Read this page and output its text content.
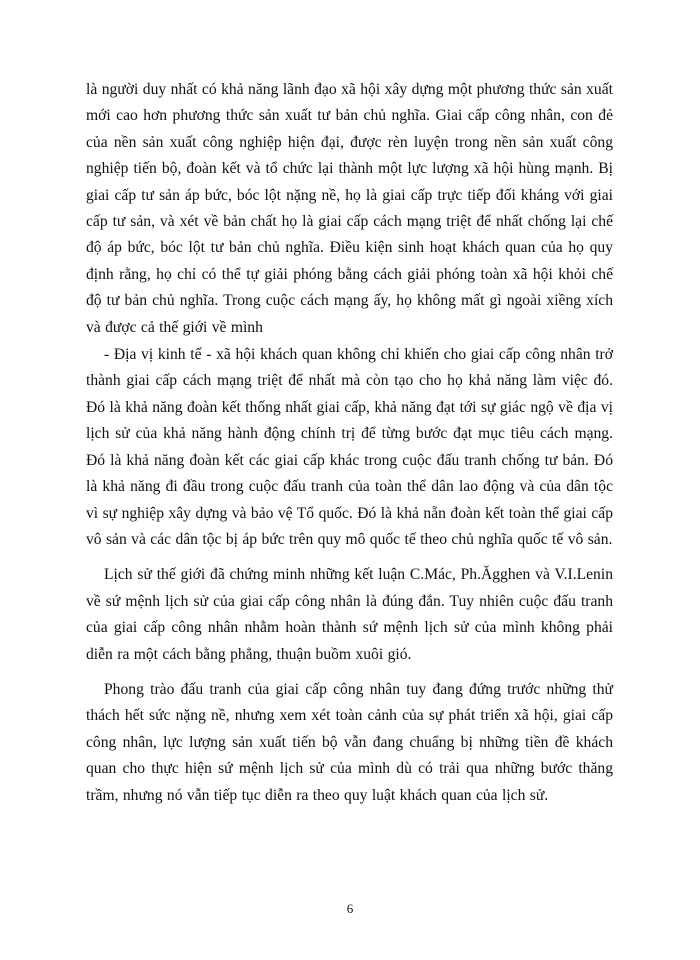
là người duy nhất có khả năng lãnh đạo xã hội xây dựng một phương thức sản xuất mới cao hơn phương thức sản xuất tư bản chủ nghĩa. Giai cấp công nhân, con đẻ của nền sản xuất công nghiệp hiện đại, được rèn luyện trong nền sản xuất công nghiệp tiến bộ, đoàn kết và tổ chức lại thành một lực lượng xã hội hùng mạnh. Bị giai cấp tư sản áp bức, bóc lột nặng nề, họ là giai cấp trực tiếp đối kháng với giai cấp tư sản, và xét về bản chất họ là giai cấp cách mạng triệt để nhất chống lại chế độ áp bức, bóc lột tư bản chủ nghĩa. Điều kiện sinh hoạt khách quan của họ quy định rằng, họ chỉ có thể tự giải phóng bằng cách giải phóng toàn xã hội khỏi chế độ tư bản chủ nghĩa. Trong cuộc cách mạng ấy, họ không mất gì ngoài xiềng xích và được cả thế giới về mình

- Địa vị kinh tế - xã hội khách quan không chỉ khiến cho giai cấp công nhân trở thành giai cấp cách mạng triệt để nhất mà còn tạo cho họ khả năng làm việc đó. Đó là khả năng đoàn kết thống nhất giai cấp, khả năng đạt tới sự giác ngộ về địa vị lịch sử của khả năng hành động chính trị để từng bước đạt mục tiêu cách mạng. Đó là khả năng đoàn kết các giai cấp khác trong cuộc đấu tranh chống tư bản. Đó là khả năng đi đầu trong cuộc đấu tranh của toàn thể dân lao động và của dân tộc vì sự nghiệp xây dựng và bảo vệ Tổ quốc. Đó là khả nẵn đoàn kết toàn thể giai cấp vô sản và các dân tộc bị áp bức trên quy mô quốc tế theo chủ nghĩa quốc tế vô sản.

Lịch sử thế giới đã chứng minh những kết luận C.Mác, Ph.Ăgghen và V.I.Lenin về sứ mệnh lịch sử của giai cấp công nhân là đúng đắn. Tuy nhiên cuộc đấu tranh của giai cấp công nhân nhằm hoàn thành sứ mệnh lịch sử của mình không phải diễn ra một cách bằng phẳng, thuận buồm xuôi gió.

Phong trào đấu tranh của giai cấp công nhân tuy đang đứng trước những thử thách hết sức nặng nề, nhưng xem xét toàn cảnh của sự phát triển xã hội, giai cấp công nhân, lực lượng sản xuất tiến bộ vẫn đang chuẩng bị những tiền đề khách quan cho thực hiện sứ mệnh lịch sử của mình dù có trải qua những bước thăng trầm, nhưng nó vẫn tiếp tục diễn ra theo quy luật khách quan của lịch sử.

6
